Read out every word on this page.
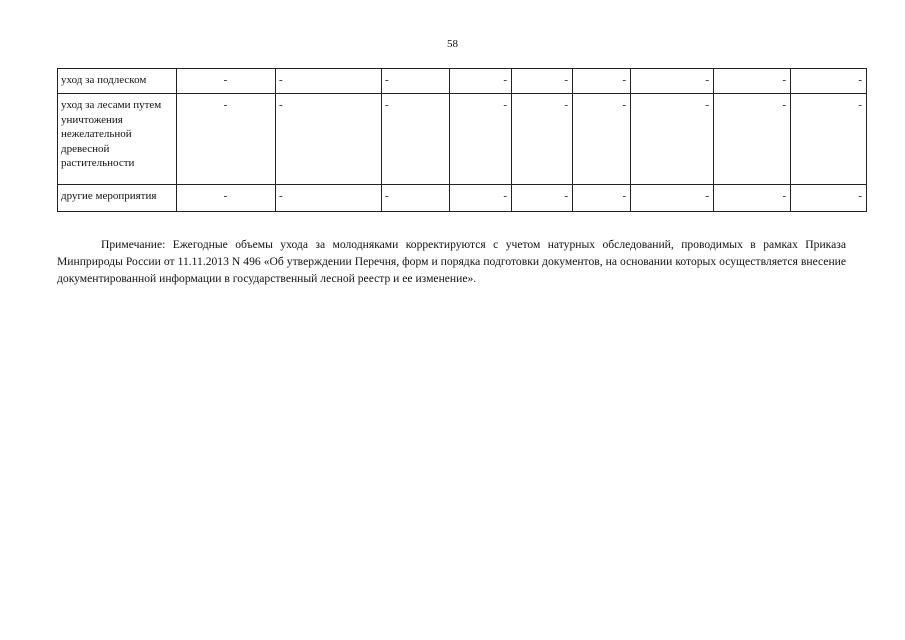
58
уход за подлеском	-	-	-	-	-	-	-	-	-
уход за лесами путем уничтожения нежелательной древесной растительности	-	-	-	-	-	-	-	-	-
другие мероприятия	-	-	-	-	-	-	-	-	-

Примечание: Ежегодные объемы ухода за молодняками корректируются с учетом натурных обследований, проводимых в рамках Приказа Минприроды России от 11.11.2013 N 496 «Об утверждении Перечня, форм и порядка подготовки документов, на основании которых осуществляется внесение документированной информации в государственный лесной реестр и ее изменение».
